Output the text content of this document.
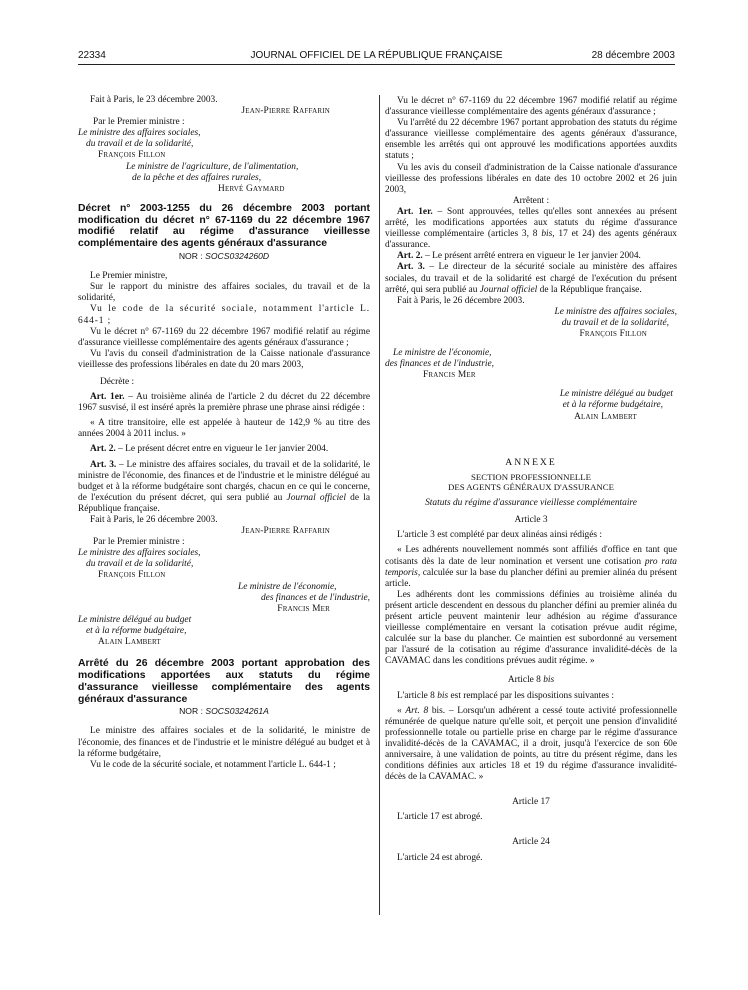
22334	JOURNAL OFFICIEL DE LA RÉPUBLIQUE FRANÇAISE	28 décembre 2003

Fait à Paris, le 23 décembre 2003.

Jean-Pierre Raffarin

Par le Premier ministre :

Le ministre des affaires sociales,

du travail et de la solidarité,

François Fillon

Le ministre de l'agriculture, de l'alimentation,

de la pêche et des affaires rurales,

Hervé Gaymard

Décret n° 2003-1255 du 26 décembre 2003 portant modification du décret n° 67-1169 du 22 décembre 1967 modifié relatif au régime d'assurance vieillesse complémentaire des agents généraux d'assurance

NOR : SOCS0324260D

Le Premier ministre,

Sur le rapport du ministre des affaires sociales, du travail et de la solidarité,

Vu le code de la sécurité sociale, notamment l'article L. 644-1 ;

Vu le décret n° 67-1169 du 22 décembre 1967 modifié relatif au régime d'assurance vieillesse complémentaire des agents généraux d'assurance ;

Vu l'avis du conseil d'administration de la Caisse nationale d'assurance vieillesse des professions libérales en date du 20 mars 2003,

Décrète :

Art. 1er. – Au troisième alinéa de l'article 2 du décret du 22 décembre 1967 susvisé, il est inséré après la première phrase une phrase ainsi rédigée :

« A titre transitoire, elle est appelée à hauteur de 142,9 % au titre des années 2004 à 2011 inclus. »

Art. 2. – Le présent décret entre en vigueur le 1er janvier 2004.

Art. 3. – Le ministre des affaires sociales, du travail et de la solidarité, le ministre de l'économie, des finances et de l'industrie et le ministre délégué au budget et à la réforme budgétaire sont chargés, chacun en ce qui le concerne, de l'exécution du présent décret, qui sera publié au Journal officiel de la République française.

Fait à Paris, le 26 décembre 2003.

Jean-Pierre Raffarin

Par le Premier ministre :

Le ministre des affaires sociales,

du travail et de la solidarité,

François Fillon

Le ministre de l'économie,

des finances et de l'industrie,

Francis Mer

Le ministre délégué au budget

et à la réforme budgétaire,

Alain Lambert

Arrêté du 26 décembre 2003 portant approbation des modifications apportées aux statuts du régime d'assurance vieillesse complémentaire des agents généraux d'assurance

NOR : SOCS0324261A

Le ministre des affaires sociales et de la solidarité, le ministre de l'économie, des finances et de l'industrie et le ministre délégué au budget et à la réforme budgétaire,

Vu le code de la sécurité sociale, et notamment l'article L. 644-1 ;

Vu le décret n° 67-1169 du 22 décembre 1967 modifié relatif au régime d'assurance vieillesse complémentaire des agents généraux d'assurance ;

Vu l'arrêté du 22 décembre 1967 portant approbation des statuts du régime d'assurance vieillesse complémentaire des agents généraux d'assurance, ensemble les arrêtés qui ont approuvé les modifications apportées auxdits statuts ;

Vu les avis du conseil d'administration de la Caisse nationale d'assurance vieillesse des professions libérales en date des 10 octobre 2002 et 26 juin 2003,

Arrêtent :

Art. 1er. – Sont approuvées, telles qu'elles sont annexées au présent arrêté, les modifications apportées aux statuts du régime d'assurance vieillesse complémentaire (articles 3, 8 bis, 17 et 24) des agents généraux d'assurance.

Art. 2. – Le présent arrêté entrera en vigueur le 1er janvier 2004.

Art. 3. – Le directeur de la sécurité sociale au ministère des affaires sociales, du travail et de la solidarité est chargé de l'exécution du présent arrêté, qui sera publié au Journal officiel de la République française.

Fait à Paris, le 26 décembre 2003.

Le ministre des affaires sociales,

du travail et de la solidarité,

François Fillon

Le ministre de l'économie,

des finances et de l'industrie,

Francis Mer

Le ministre délégué au budget

et à la réforme budgétaire,

Alain Lambert

ANNEXE

SECTION PROFESSIONNELLE

DES AGENTS GÉNÉRAUX D'ASSURANCE

Statuts du régime d'assurance vieillesse complémentaire

Article 3

L'article 3 est complété par deux alinéas ainsi rédigés :

« Les adhérents nouvellement nommés sont affiliés d'office en tant que cotisants dès la date de leur nomination et versent une cotisation pro rata temporis, calculée sur la base du plancher défini au premier alinéa du présent article.

Les adhérents dont les commissions définies au troisième alinéa du présent article descendent en dessous du plancher défini au premier alinéa du présent article peuvent maintenir leur adhésion au régime d'assurance vieillesse complémentaire en versant la cotisation prévue audit régime, calculée sur la base du plancher. Ce maintien est subordonné au versement par l'assuré de la cotisation au régime d'assurance invalidité-décès de la CAVAMAC dans les conditions prévues audit régime. »

Article 8 bis

L'article 8 bis est remplacé par les dispositions suivantes :

« Art. 8 bis. – Lorsqu'un adhérent a cessé toute activité professionnelle rémunérée de quelque nature qu'elle soit, et perçoit une pension d'invalidité professionnelle totale ou partielle prise en charge par le régime d'assurance invalidité-décès de la CAVAMAC, il a droit, jusqu'à l'exercice de son 60e anniversaire, à une validation de points, au titre du présent régime, dans les conditions définies aux articles 18 et 19 du régime d'assurance invalidité-décès de la CAVAMAC. »

Article 17

L'article 17 est abrogé.

Article 24

L'article 24 est abrogé.
